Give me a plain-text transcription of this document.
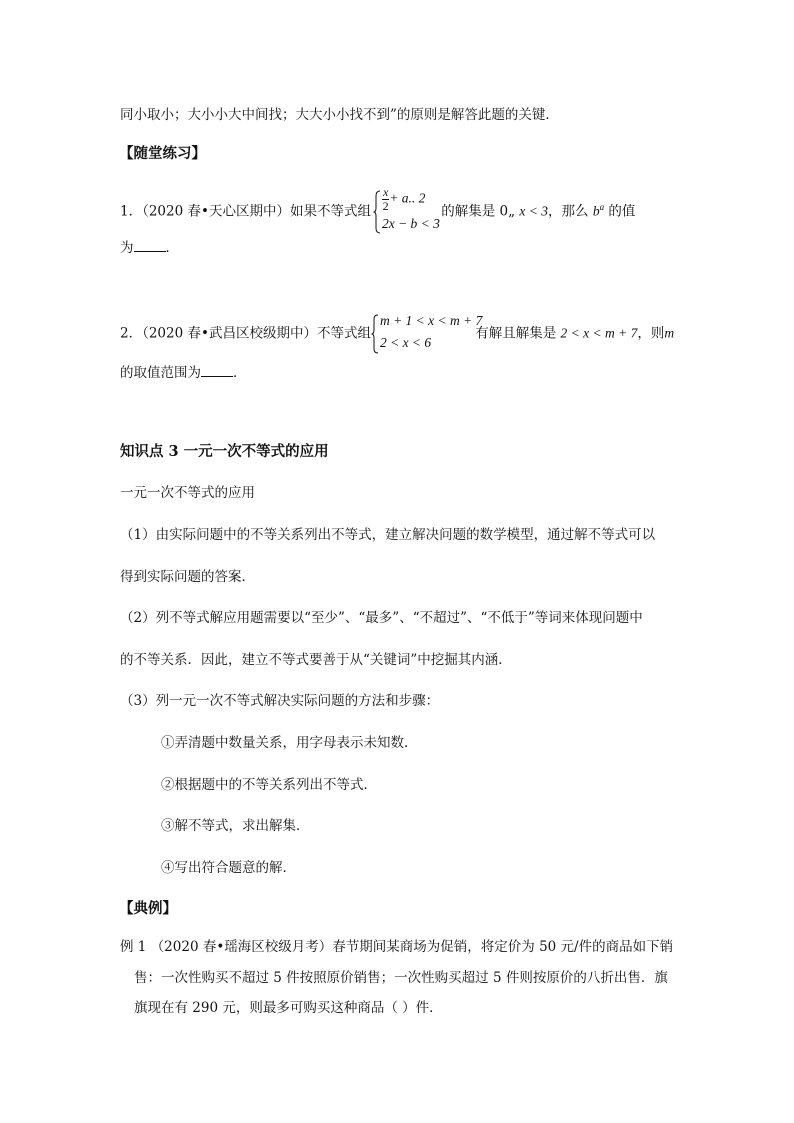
同小取小；大小小大中间找；大大小小找不到”的原则是解答此题的关键．
【随堂练习】
1．（2020 春•天心区期中）如果不等式组 $\frac{x}{2} + a$.. 2
2x − b < 3
的解集是 0„ x < 3，那么 $b^a$ 的值
为 ．
2．（2020 春•武昌区校级期中）不等式组
m + 1 < x < m + 7
2 < x < 6
有解且解集是 2 < x < m + 7，则m
的取值范围为 ．
知识点 3 一元一次不等式的应用
一元一次不等式的应用
（1）由实际问题中的不等关系列出不等式，建立解决问题的数学模型，通过解不等式可以
得到实际问题的答案．
（2）列不等式解应用题需要以“至少”、“最多”、“不超过”、“不低于”等词来体现问题中
的不等关系．因此，建立不等式要善于从“关键词”中挖掘其内涵．
（3）列一元一次不等式解决实际问题的方法和步骤：
①弄清题中数量关系，用字母表示未知数．
②根据题中的不等关系列出不等式．
③解不等式，求出解集．
④写出符合题意的解．
【典例】
例 1 （2020 春•瑶海区校级月考）春节期间某商场为促销，将定价为 50 元/件的商品如下销
售：一次性购买不超过 5 件按照原价销售；一次性购买超过 5 件则按原价的八折出售．旗
旗现在有 290 元，则最多可购买这种商品（ ）件．
